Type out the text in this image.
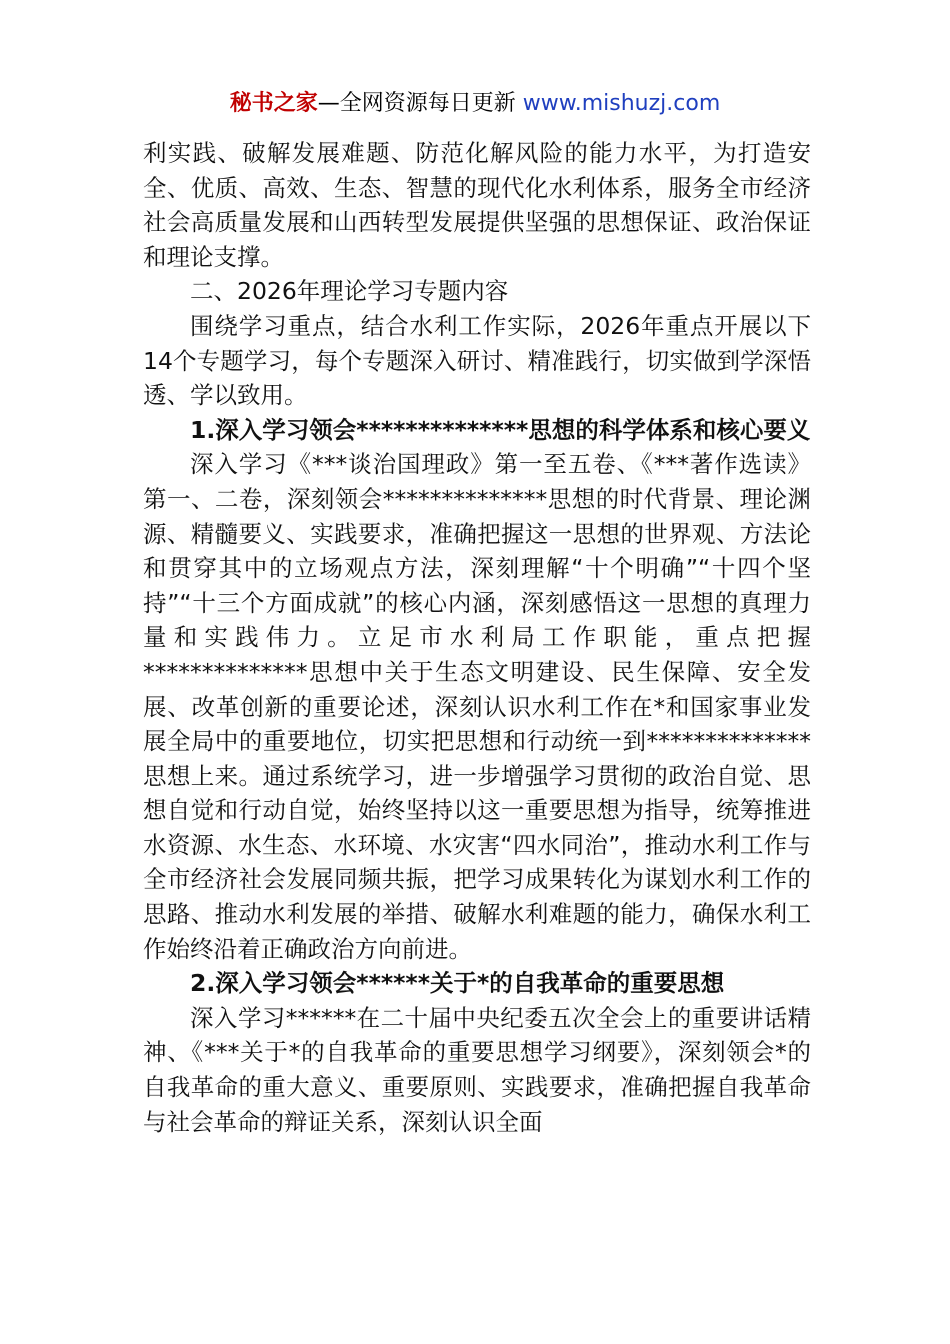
秘书之家—全网资源每日更新 www.mishuzj.com

利实践、破解发展难题、防范化解风险的能力水平，为打造安全、优质、高效、生态、智慧的现代化水利体系，服务全市经济社会高质量发展和山西转型发展提供坚强的思想保证、政治保证和理论支撑。

二、2026年理论学习专题内容

围绕学习重点，结合水利工作实际，2026年重点开展以下14个专题学习，每个专题深入研讨、精准践行，切实做到学深悟透、学以致用。

1.深入学习领会**************思想的科学体系和核心要义

深入学习《***谈治国理政》第一至五卷、《***著作选读》第一、二卷，深刻领会**************思想的时代背景、理论渊源、精髓要义、实践要求，准确把握这一思想的世界观、方法论和贯穿其中的立场观点方法，深刻理解“十个明确”“十四个坚持”“十三个方面成就”的核心内涵，深刻感悟这一思想的真理力量和实践伟力。立足市水利局工作职能，重点把握**************思想中关于生态文明建设、民生保障、安全发展、改革创新的重要论述，深刻认识水利工作在*和国家事业发展全局中的重要地位，切实把思想和行动统一到**************思想上来。通过系统学习，进一步增强学习贯彻的政治自觉、思想自觉和行动自觉，始终坚持以这一重要思想为指导，统筹推进水资源、水生态、水环境、水灾害“四水同治”，推动水利工作与全市经济社会发展同频共振，把学习成果转化为谋划水利工作的思路、推动水利发展的举措、破解水利难题的能力，确保水利工作始终沿着正确政治方向前进。

2.深入学习领会******关于*的自我革命的重要思想

深入学习******在二十届中央纪委五次全会上的重要讲话精神、《***关于*的自我革命的重要思想学习纲要》，深刻领会*的自我革命的重大意义、重要原则、实践要求，准确把握自我革命与社会革命的辩证关系，深刻认识全面
